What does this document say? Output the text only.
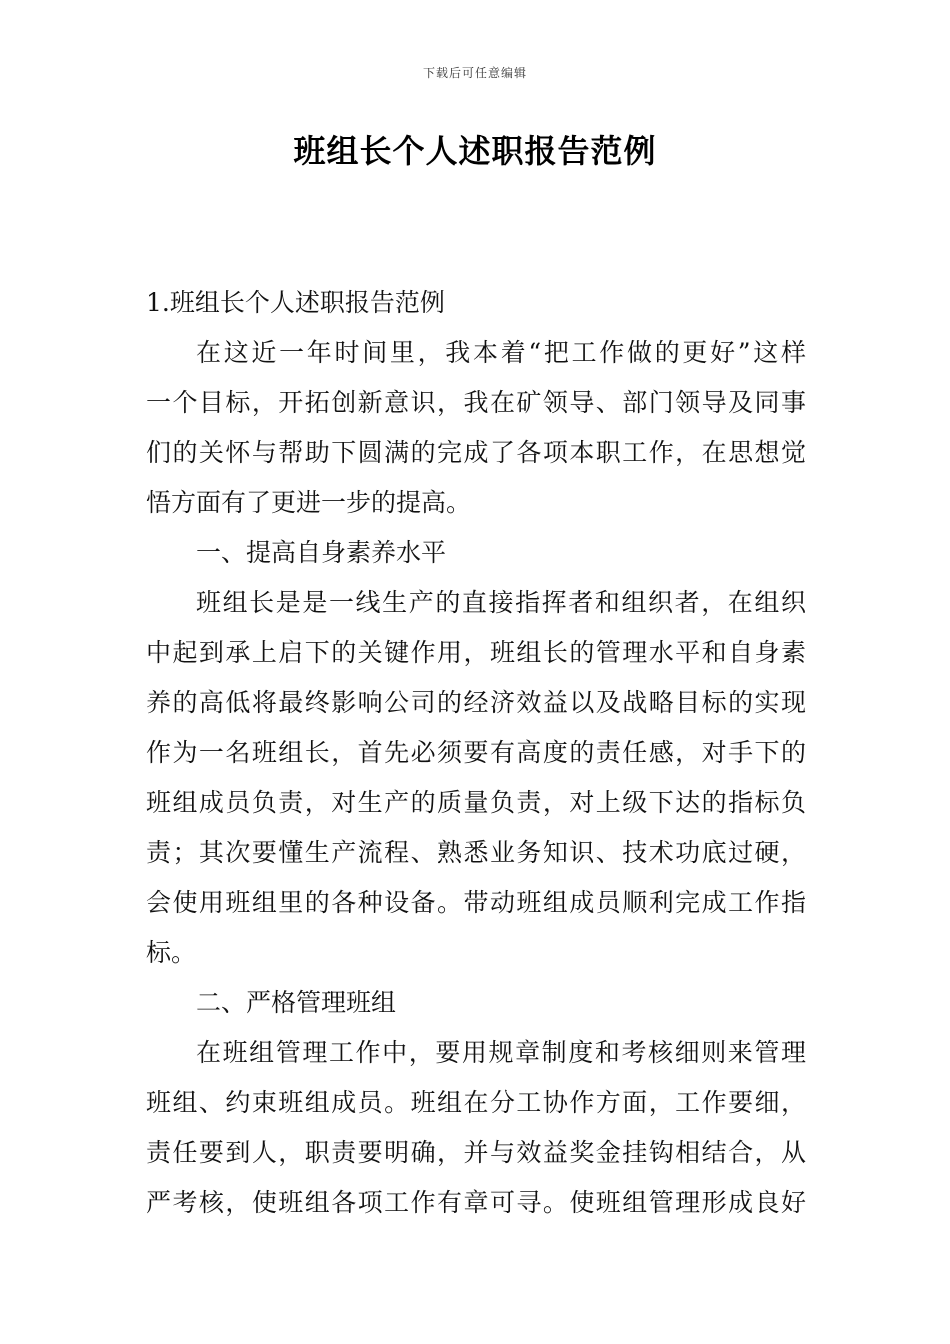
下载后可任意编辑
班组长个人述职报告范例

1.班组长个人述职报告范例

在这近一年时间里，我本着“把工作做的更好”这样
一个目标，开拓创新意识，我在矿领导、部门领导及同事
们的关怀与帮助下圆满的完成了各项本职工作，在思想觉
悟方面有了更进一步的提高。

一、提高自身素养水平

班组长是是一线生产的直接指挥者和组织者，在组织
中起到承上启下的关键作用，班组长的管理水平和自身素
养的高低将最终影响公司的经济效益以及战略目标的实现
作为一名班组长，首先必须要有高度的责任感，对手下的
班组成员负责，对生产的质量负责，对上级下达的指标负
责；其次要懂生产流程、熟悉业务知识、技术功底过硬，
会使用班组里的各种设备。带动班组成员顺利完成工作指
标。

二、严格管理班组

在班组管理工作中，要用规章制度和考核细则来管理
班组、约束班组成员。班组在分工协作方面，工作要细，
责任要到人，职责要明确，并与效益奖金挂钩相结合，从
严考核，使班组各项工作有章可寻。使班组管理形成良好
